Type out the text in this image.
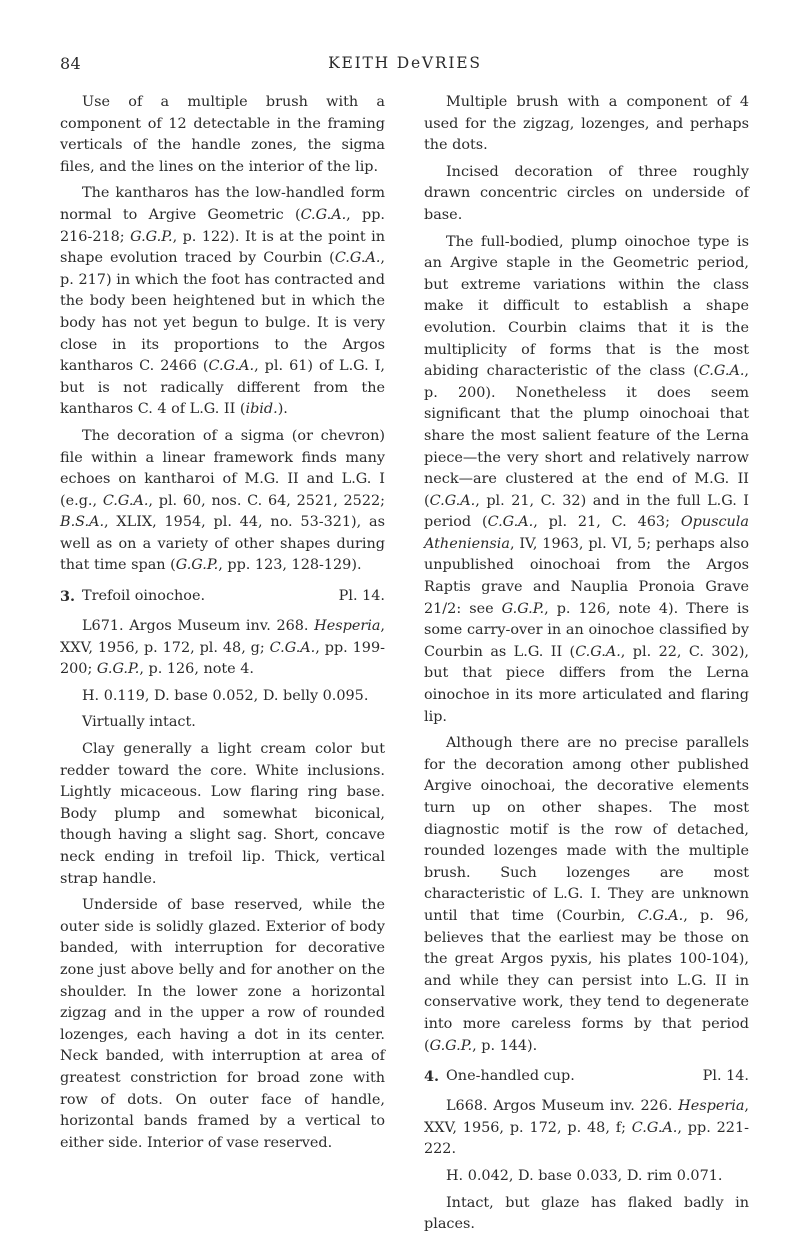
84	KEITH DeVRIES

Use of a multiple brush with a component of 12 detectable in the framing verticals of the handle zones, the sigma files, and the lines on the interior of the lip.

The kantharos has the low-handled form normal to Argive Geometric (C.G.A., pp. 216-218; G.G.P., p. 122). It is at the point in shape evolution traced by Courbin (C.G.A., p. 217) in which the foot has contracted and the body been heightened but in which the body has not yet begun to bulge. It is very close in its proportions to the Argos kantharos C. 2466 (C.G.A., pl. 61) of L.G. I, but is not radically different from the kantharos C. 4 of L.G. II (ibid.).

The decoration of a sigma (or chevron) file within a linear framework finds many echoes on kantharoi of M.G. II and L.G. I (e.g., C.G.A., pl. 60, nos. C. 64, 2521, 2522; B.S.A., XLIX, 1954, pl. 44, no. 53-321), as well as on a variety of other shapes during that time span (G.G.P., pp. 123, 128-129).

3. Trefoil oinochoe.	Pl. 14.

L671. Argos Museum inv. 268. Hesperia, XXV, 1956, p. 172, pl. 48, g; C.G.A., pp. 199-200; G.G.P., p. 126, note 4.

H. 0.119, D. base 0.052, D. belly 0.095.

Virtually intact.

Clay generally a light cream color but redder toward the core. White inclusions. Lightly micaceous. Low flaring ring base. Body plump and somewhat biconical, though having a slight sag. Short, concave neck ending in trefoil lip. Thick, vertical strap handle.

Underside of base reserved, while the outer side is solidly glazed. Exterior of body banded, with interruption for decorative zone just above belly and for another on the shoulder. In the lower zone a horizontal zigzag and in the upper a row of rounded lozenges, each having a dot in its center. Neck banded, with interruption at area of greatest constriction for broad zone with row of dots. On outer face of handle, horizontal bands framed by a vertical to either side. Interior of vase reserved.

Multiple brush with a component of 4 used for the zigzag, lozenges, and perhaps the dots.

Incised decoration of three roughly drawn concentric circles on underside of base.

The full-bodied, plump oinochoe type is an Argive staple in the Geometric period, but extreme variations within the class make it difficult to establish a shape evolution. Courbin claims that it is the multiplicity of forms that is the most abiding characteristic of the class (C.G.A., p. 200). Nonetheless it does seem significant that the plump oinochoai that share the most salient feature of the Lerna piece—the very short and relatively narrow neck—are clustered at the end of M.G. II (C.G.A., pl. 21, C. 32) and in the full L.G. I period (C.G.A., pl. 21, C. 463; Opuscula Atheniensia, IV, 1963, pl. VI, 5; perhaps also unpublished oinochoai from the Argos Raptis grave and Nauplia Pronoia Grave 21/2: see G.G.P., p. 126, note 4). There is some carry-over in an oinochoe classified by Courbin as L.G. II (C.G.A., pl. 22, C. 302), but that piece differs from the Lerna oinochoe in its more articulated and flaring lip.

Although there are no precise parallels for the decoration among other published Argive oinochoai, the decorative elements turn up on other shapes. The most diagnostic motif is the row of detached, rounded lozenges made with the multiple brush. Such lozenges are most characteristic of L.G. I. They are unknown until that time (Courbin, C.G.A., p. 96, believes that the earliest may be those on the great Argos pyxis, his plates 100-104), and while they can persist into L.G. II in conservative work, they tend to degenerate into more careless forms by that period (G.G.P., p. 144).

4. One-handled cup.	Pl. 14.

L668. Argos Museum inv. 226. Hesperia, XXV, 1956, p. 172, p. 48, f; C.G.A., pp. 221-222.

H. 0.042, D. base 0.033, D. rim 0.071.

Intact, but glaze has flaked badly in places.
